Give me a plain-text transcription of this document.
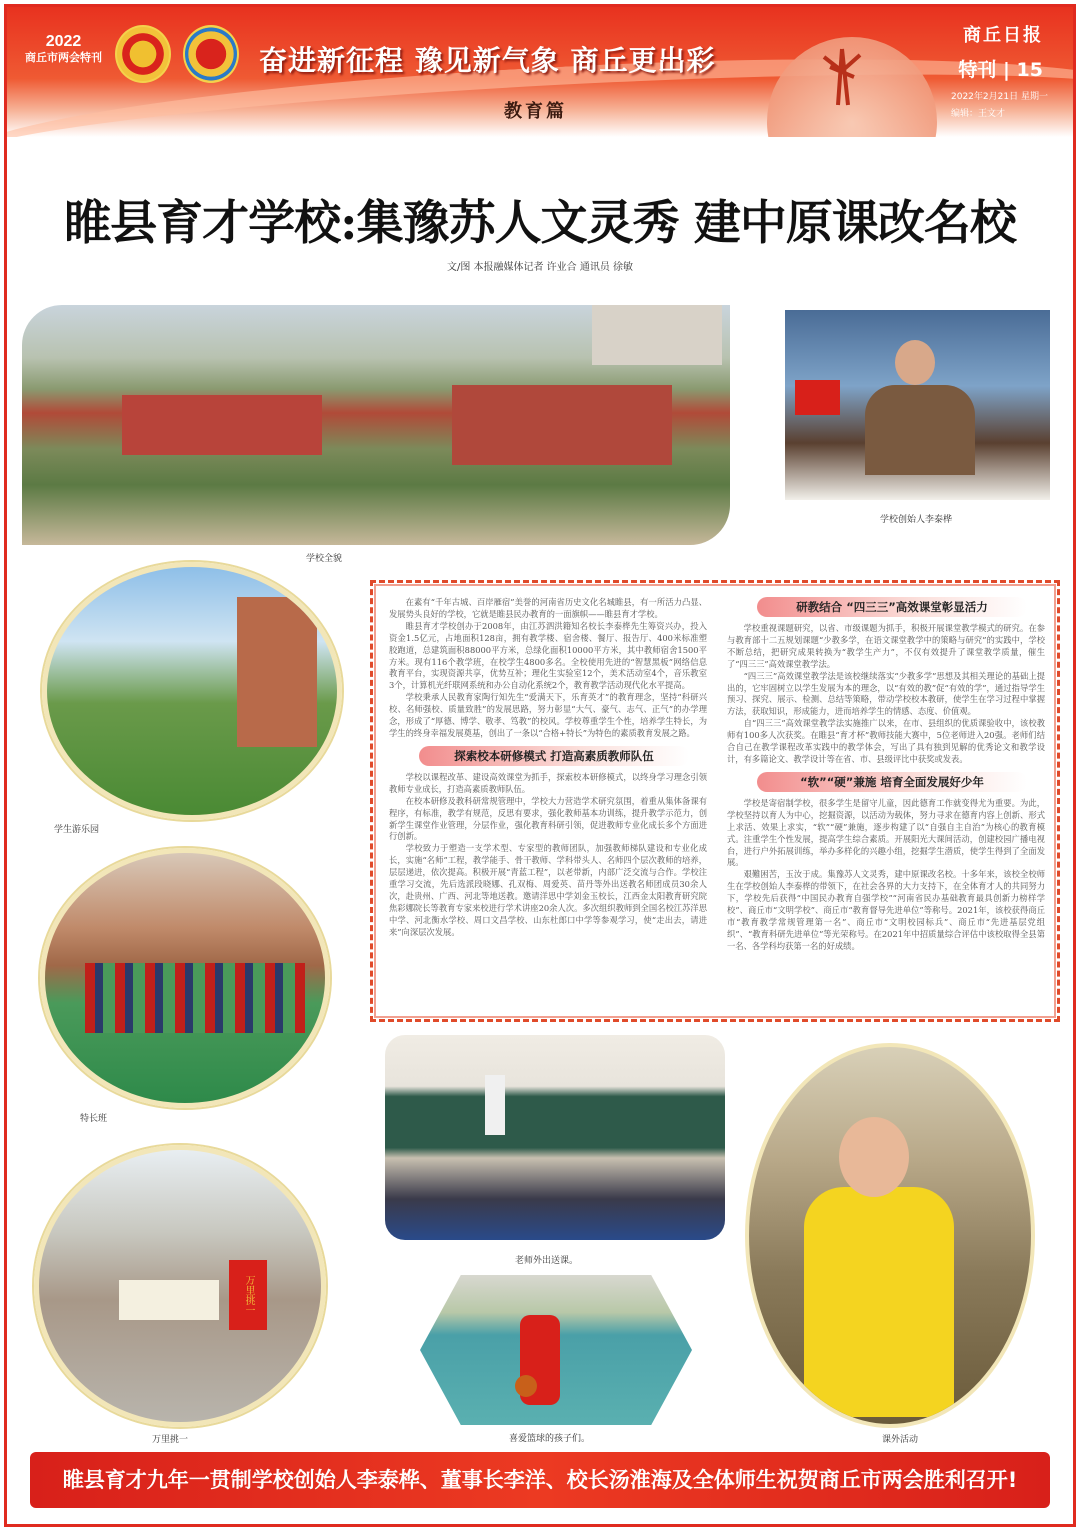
2022
商丘市两会特刊	奋进新征程 豫见新气象 商丘更出彩
教育篇
商丘日报
特刊 | 15
2022年2月21日 星期一
编辑：王文才
睢县育才学校:集豫苏人文灵秀 建中原课改名校
文/图 本报融媒体记者 许业合 通讯员 徐敏
学校全貌
学校创始人李泰桦
学生游乐园
特长班
万里挑一
万里挑一

在素有“千年古城、百岸雁宿”美誉的河南省历史文化名城睢县，有一所活力凸显、发展势头良好的学校，它就是睢县民办教育的一面旗帜——睢县育才学校。

睢县育才学校创办于2008年，由江苏泗洪籍知名校长李泰桦先生筹资兴办，投入资金1.5亿元，占地面积128亩，拥有教学楼、宿舍楼、餐厅、报告厅、400米标准塑胶跑道，总建筑面积88000平方米，总绿化面积10000平方米，其中教师宿舍1500平方米。现有116个教学班，在校学生4800多名。全校使用先进的“智慧黑板”网络信息教育平台，实现资源共享，优势互补；理化生实验室12个，美术活动室4个，音乐教室3个，计算机光纤联网系统和办公自动化系统2个，教育教学活动现代化水平提高。

学校秉承人民教育家陶行知先生“爱满天下，乐育英才”的教育理念，坚持“科研兴校、名师强校、质量致胜”的发展思路，努力彰显“大气、豪气、志气、正气”的办学理念，形成了“厚德、博学、敬孝、笃教”的校风。学校尊重学生个性，培养学生特长，为学生的终身幸福发展奠基，创出了一条以“合格+特长”为特色的素质教育发展之路。

探索校本研修模式 打造高素质教师队伍

学校以课程改革、建设高效课堂为抓手，探索校本研修模式，以终身学习理念引领教师专业成长，打造高素质教师队伍。

在校本研修及教科研常规管理中，学校大力营造学术研究氛围，着重从集体备课有程序，有标准，教学有规范，反思有要求，强化教师基本功训练，提升教学示范力，创新学生课堂作业管理，分层作业，强化教育科研引领，促进教师专业化成长多个方面进行创新。

学校致力于塑造一支学术型、专家型的教师团队，加强教师梯队建设和专业化成长，实施“名师”工程，教学能手、骨干教师、学科带头人、名师四个层次教师的培养，层层递进，依次提高。积极开展“青蓝工程”，以老带新，内部广泛交流与合作。学校注重学习交流，先后选派段晓娜、孔双梅、周爱英、苗丹等外出送教名师团成员30余人次，赴贵州、广西、河北等地送教。邀请洋思中学刘金玉校长，江西金太阳教育研究院焦彩娜院长等教育专家来校进行学术讲座20余人次。多次组织教师到全国名校江苏洋思中学、河北衡水学校、周口文昌学校、山东杜郎口中学等参观学习，使“走出去，请进来”向深层次发展。

研教结合 “四三三”高效课堂彰显活力

学校重视课题研究，以省、市级课题为抓手，积极开展课堂教学模式的研究。在参与教育部十二五规划课题“少教多学，在语文课堂教学中的策略与研究”的实践中，学校不断总结，把研究成果转换为“教学生产力”，不仅有效提升了课堂教学质量，催生了“四三三”高效课堂教学法。

“四三三”高效课堂教学法是该校继续落实“少教多学”思想及其相关理论的基础上提出的，它牢固树立以学生发展为本的理念，以“有效的教”促“有效的学”，通过指导学生预习、探究、展示、检测、总结等策略，带动学校校本教研，使学生在学习过程中掌握方法，获取知识，形成能力，进而培养学生的情感、态度、价值观。

自“四三三”高效课堂教学法实施推广以来，在市、县组织的优质课验收中，该校教师有100多人次获奖。在睢县“育才杯”教师技能大赛中，5位老师进入20强。老师们结合自己在教学课程改革实践中的教学体会，写出了具有独到见解的优秀论文和教学设计，有多篇论文、教学设计等在省、市、县级评比中获奖或发表。

“软”“硬”兼施 培育全面发展好少年

学校是寄宿制学校，很多学生是留守儿童，因此德育工作就变得尤为重要。为此，学校坚持以育人为中心，挖掘资源，以活动为载体，努力寻求在德育内容上创新、形式上求活、效果上求实，“软”“硬”兼施，逐步构建了以“自强自主自治”为核心的教育模式。注重学生个性发展，提高学生综合素质。开展阳光大课间活动，创建校园广播电视台，进行户外拓展训练，举办多样化的兴趣小组，挖掘学生潜质，使学生得到了全面发展。

艰難困苦，玉汝于成。集豫苏人文灵秀，建中原课改名校。十多年来，该校全校师生在学校创始人李泰桦的带领下，在社会各界的大力支持下，在全体育才人的共同努力下，学校先后获得“中国民办教育自强学校”“河南省民办基础教育最具创新力榜样学校”、商丘市“文明学校”、商丘市“教育督导先进单位”等称号。2021年，该校获得商丘市“教育教学常规管理第一名”、商丘市“文明校园标兵”、商丘市“先进基层党组织”、“教育科研先进单位”等光荣称号。在2021年中招质量综合评估中该校取得全县第一名、各学科均获第一名的好成绩。

老师外出送课。
喜爱篮球的孩子们。	课外活动
睢县育才九年一贯制学校创始人李泰桦、董事长李洋、校长汤淮海及全体师生祝贺商丘市两会胜利召开!
